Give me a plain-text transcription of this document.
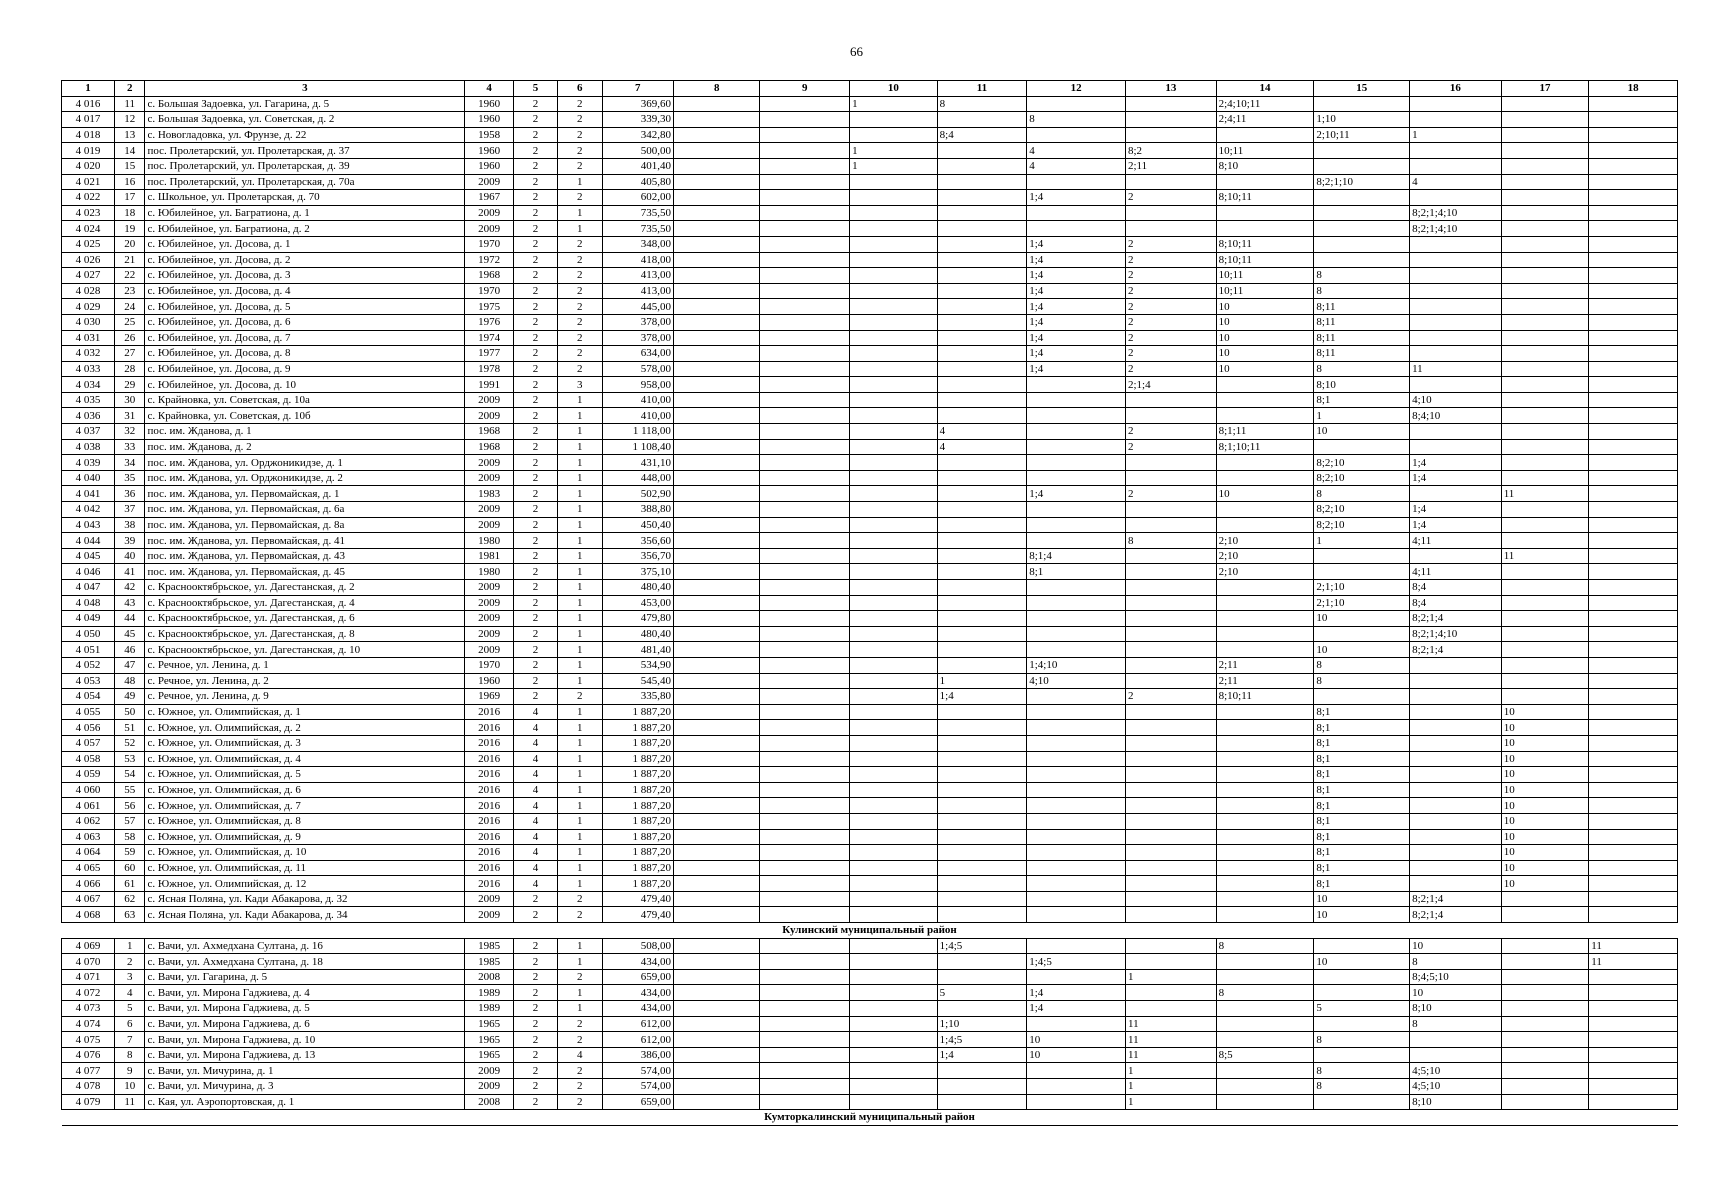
66
1	2	3	4	5	6	7	8	9	10	11	12	13	14	15	16	17	18
4 016	11	с. Большая Задоевка, ул. Гагарина, д. 5	1960	2	2	369,60			1	8			2;4;10;11				
4 017	12	с. Большая Задоевка, ул. Советская, д. 2	1960	2	2	339,30					8		2;4;11	1;10			
4 018	13	с. Новогладовка, ул. Фрунзе, д. 22	1958	2	2	342,80				8;4				2;10;11	1		
4 019	14	пос. Пролетарский, ул. Пролетарская, д. 37	1960	2	2	500,00			1		4	8;2	10;11				
4 020	15	пос. Пролетарский, ул. Пролетарская, д. 39	1960	2	2	401,40			1		4	2;11	8;10				
4 021	16	пос. Пролетарский, ул. Пролетарская, д. 70а	2009	2	1	405,80								8;2;1;10	4		
4 022	17	с. Школьное, ул. Пролетарская, д. 70	1967	2	2	602,00					1;4	2	8;10;11				
4 023	18	с. Юбилейное, ул. Багратиона, д. 1	2009	2	1	735,50									8;2;1;4;10		
4 024	19	с. Юбилейное, ул. Багратиона, д. 2	2009	2	1	735,50									8;2;1;4;10		
4 025	20	с. Юбилейное, ул. Досова, д. 1	1970	2	2	348,00					1;4	2	8;10;11				
4 026	21	с. Юбилейное, ул. Досова, д. 2	1972	2	2	418,00					1;4	2	8;10;11				
4 027	22	с. Юбилейное, ул. Досова, д. 3	1968	2	2	413,00					1;4	2	10;11	8			
4 028	23	с. Юбилейное, ул. Досова, д. 4	1970	2	2	413,00					1;4	2	10;11	8			
4 029	24	с. Юбилейное, ул. Досова, д. 5	1975	2	2	445,00					1;4	2	10	8;11			
4 030	25	с. Юбилейное, ул. Досова, д. 6	1976	2	2	378,00					1;4	2	10	8;11			
4 031	26	с. Юбилейное, ул. Досова, д. 7	1974	2	2	378,00					1;4	2	10	8;11			
4 032	27	с. Юбилейное, ул. Досова, д. 8	1977	2	2	634,00					1;4	2	10	8;11			
4 033	28	с. Юбилейное, ул. Досова, д. 9	1978	2	2	578,00					1;4	2	10	8	11		
4 034	29	с. Юбилейное, ул. Досова, д. 10	1991	2	3	958,00						2;1;4		8;10			
4 035	30	с. Крайновка, ул. Советская, д. 10а	2009	2	1	410,00								8;1	4;10		
4 036	31	с. Крайновка, ул. Советская, д. 10б	2009	2	1	410,00								1	8;4;10		
4 037	32	пос. им. Жданова, д. 1	1968	2	1	1 118,00				4		2	8;1;11	10			
4 038	33	пос. им. Жданова, д. 2	1968	2	1	1 108,40				4		2	8;1;10;11				
4 039	34	пос. им. Жданова, ул. Орджоникидзе, д. 1	2009	2	1	431,10								8;2;10	1;4		
4 040	35	пос. им. Жданова, ул. Орджоникидзе, д. 2	2009	2	1	448,00								8;2;10	1;4		
4 041	36	пос. им. Жданова, ул. Первомайская, д. 1	1983	2	1	502,90					1;4	2	10	8		11	
4 042	37	пос. им. Жданова, ул. Первомайская, д. 6а	2009	2	1	388,80								8;2;10	1;4		
4 043	38	пос. им. Жданова, ул. Первомайская, д. 8а	2009	2	1	450,40								8;2;10	1;4		
4 044	39	пос. им. Жданова, ул. Первомайская, д. 41	1980	2	1	356,60						8	2;10	1	4;11		
4 045	40	пос. им. Жданова, ул. Первомайская, д. 43	1981	2	1	356,70					8;1;4		2;10			11	
4 046	41	пос. им. Жданова, ул. Первомайская, д. 45	1980	2	1	375,10					8;1		2;10		4;11		
4 047	42	с. Краснооктябрьское, ул. Дагестанская, д. 2	2009	2	1	480,40								2;1;10	8;4		
4 048	43	с. Краснооктябрьское, ул. Дагестанская, д. 4	2009	2	1	453,00								2;1;10	8;4		
4 049	44	с. Краснооктябрьское, ул. Дагестанская, д. 6	2009	2	1	479,80								10	8;2;1;4		
4 050	45	с. Краснооктябрьское, ул. Дагестанская, д. 8	2009	2	1	480,40									8;2;1;4;10		
4 051	46	с. Краснооктябрьское, ул. Дагестанская, д. 10	2009	2	1	481,40								10	8;2;1;4		
4 052	47	с. Речное, ул. Ленина, д. 1	1970	2	1	534,90					1;4;10		2;11	8			
4 053	48	с. Речное, ул. Ленина, д. 2	1960	2	1	545,40				1	4;10		2;11	8			
4 054	49	с. Речное, ул. Ленина, д. 9	1969	2	2	335,80				1;4		2	8;10;11				
4 055	50	с. Южное, ул. Олимпийская, д. 1	2016	4	1	1 887,20								8;1		10	
4 056	51	с. Южное, ул. Олимпийская, д. 2	2016	4	1	1 887,20								8;1		10	
4 057	52	с. Южное, ул. Олимпийская, д. 3	2016	4	1	1 887,20								8;1		10	
4 058	53	с. Южное, ул. Олимпийская, д. 4	2016	4	1	1 887,20								8;1		10	
4 059	54	с. Южное, ул. Олимпийская, д. 5	2016	4	1	1 887,20								8;1		10	
4 060	55	с. Южное, ул. Олимпийская, д. 6	2016	4	1	1 887,20								8;1		10	
4 061	56	с. Южное, ул. Олимпийская, д. 7	2016	4	1	1 887,20								8;1		10	
4 062	57	с. Южное, ул. Олимпийская, д. 8	2016	4	1	1 887,20								8;1		10	
4 063	58	с. Южное, ул. Олимпийская, д. 9	2016	4	1	1 887,20								8;1		10	
4 064	59	с. Южное, ул. Олимпийская, д. 10	2016	4	1	1 887,20								8;1		10	
4 065	60	с. Южное, ул. Олимпийская, д. 11	2016	4	1	1 887,20								8;1		10	
4 066	61	с. Южное, ул. Олимпийская, д. 12	2016	4	1	1 887,20								8;1		10	
4 067	62	с. Ясная Поляна, ул. Кади Абакарова, д. 32	2009	2	2	479,40								10	8;2;1;4		
4 068	63	с. Ясная Поляна, ул. Кади Абакарова, д. 34	2009	2	2	479,40								10	8;2;1;4		
Кулинский муниципальный район																	
4 069	1	с. Вачи, ул. Ахмедхана Султана, д. 16	1985	2	1	508,00				1;4;5			8		10		11
4 070	2	с. Вачи, ул. Ахмедхана Султана, д. 18	1985	2	1	434,00					1;4;5			10	8		11
4 071	3	с. Вачи, ул. Гагарина, д. 5	2008	2	2	659,00						1			8;4;5;10		
4 072	4	с. Вачи, ул. Мирона Гаджиева, д. 4	1989	2	1	434,00				5	1;4		8		10		
4 073	5	с. Вачи, ул. Мирона Гаджиева, д. 5	1989	2	1	434,00					1;4			5	8;10		
4 074	6	с. Вачи, ул. Мирона Гаджиева, д. 6	1965	2	2	612,00				1;10		11			8		
4 075	7	с. Вачи, ул. Мирона Гаджиева, д. 10	1965	2	2	612,00				1;4;5	10	11		8			
4 076	8	с. Вачи, ул. Мирона Гаджиева, д. 13	1965	2	4	386,00				1;4	10	11	8;5				
4 077	9	с. Вачи, ул. Мичурина, д. 1	2009	2	2	574,00						1		8	4;5;10		
4 078	10	с. Вачи, ул. Мичурина, д. 3	2009	2	2	574,00						1		8	4;5;10		
4 079	11	с. Кая, ул. Аэропортовская, д. 1	2008	2	2	659,00						1			8;10		
Кумторкалинский муниципальный район																	
